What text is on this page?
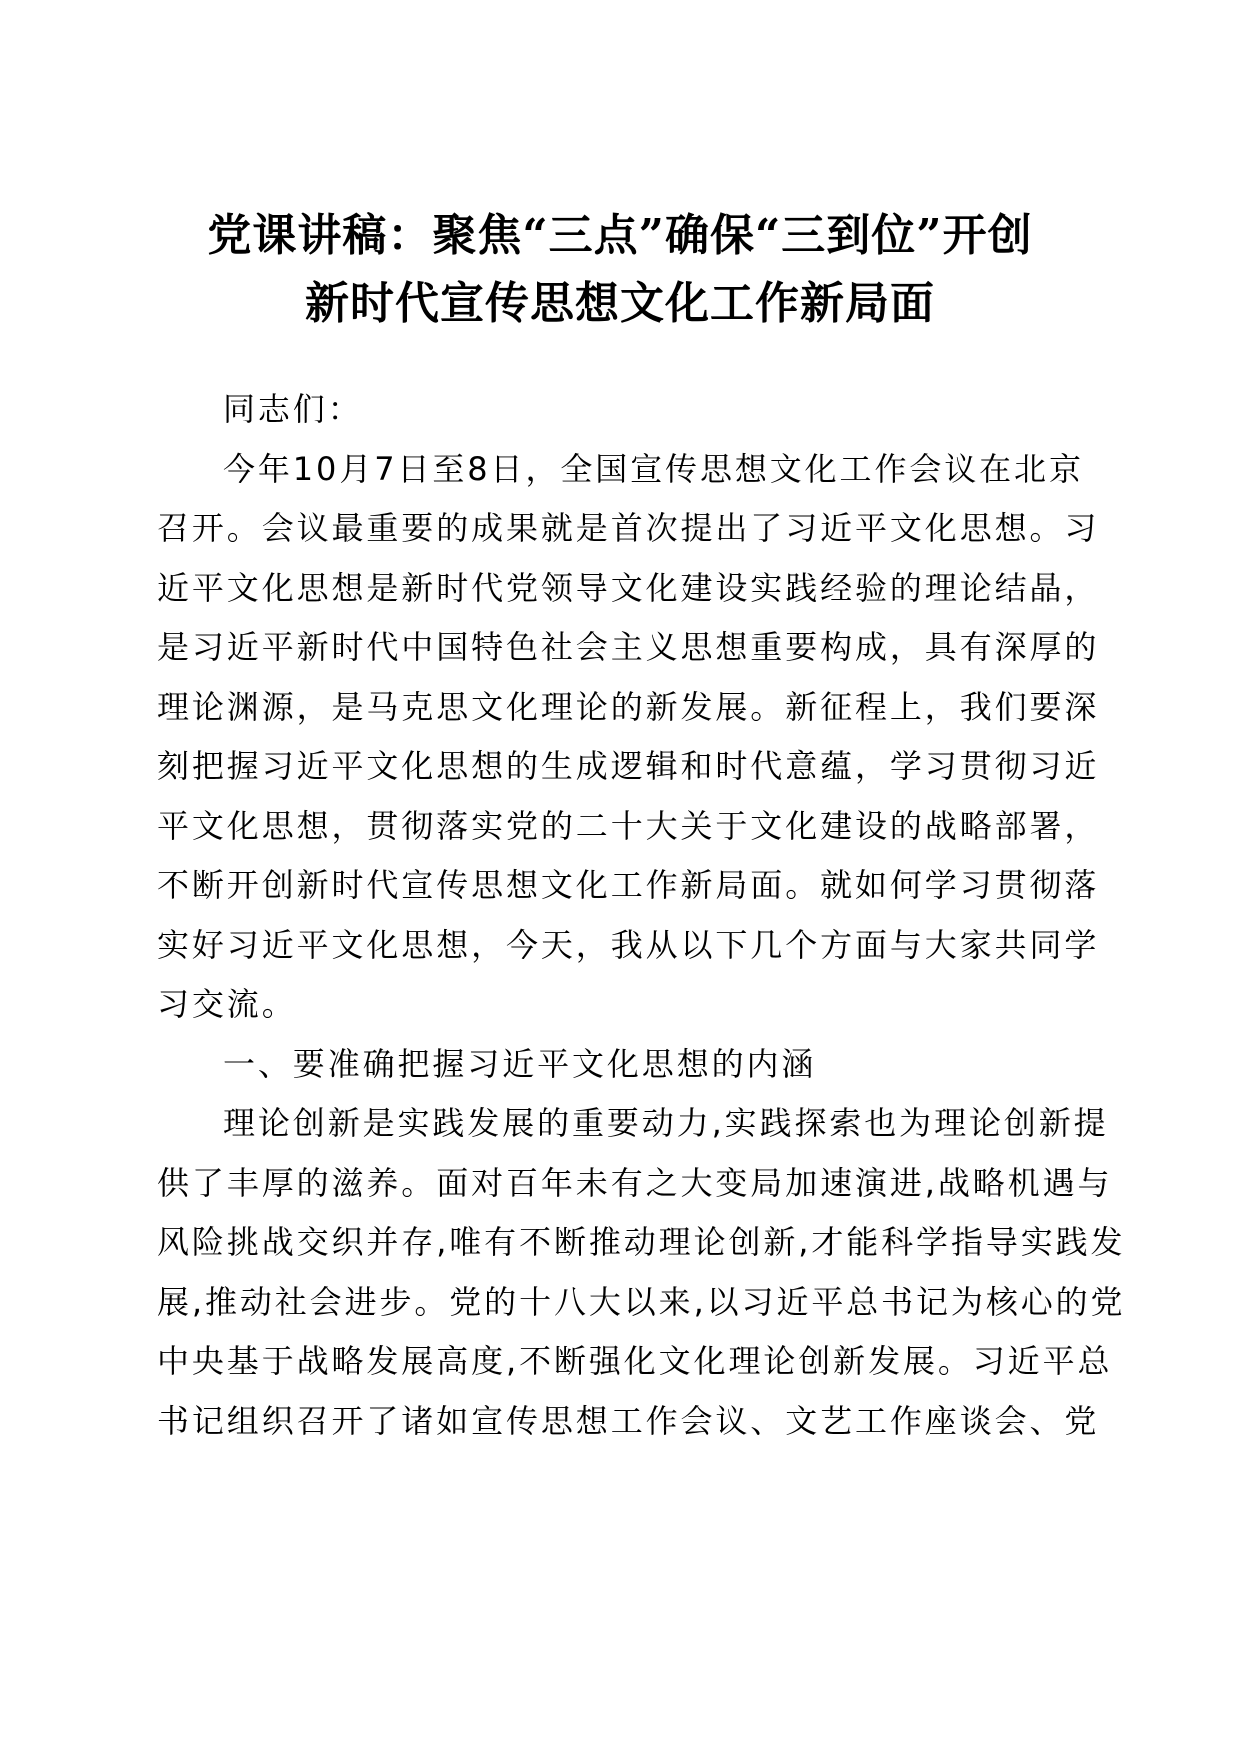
党课讲稿：聚焦“三点”确保“三到位”开创
新时代宣传思想文化工作新局面

同志们：

今年10月7日至8日，全国宣传思想文化工作会议在北京
召开。会议最重要的成果就是首次提出了习近平文化思想。习
近平文化思想是新时代党领导文化建设实践经验的理论结晶，
是习近平新时代中国特色社会主义思想重要构成，具有深厚的
理论渊源，是马克思文化理论的新发展。新征程上，我们要深
刻把握习近平文化思想的生成逻辑和时代意蕴，学习贯彻习近
平文化思想，贯彻落实党的二十大关于文化建设的战略部署，
不断开创新时代宣传思想文化工作新局面。就如何学习贯彻落
实好习近平文化思想，今天，我从以下几个方面与大家共同学
习交流。

一、要准确把握习近平文化思想的内涵

理论创新是实践发展的重要动力,实践探索也为理论创新提
供了丰厚的滋养。面对百年未有之大变局加速演进,战略机遇与
风险挑战交织并存,唯有不断推动理论创新,才能科学指导实践发
展,推动社会进步。党的十八大以来,以习近平总书记为核心的党
中央基于战略发展高度,不断强化文化理论创新发展。习近平总
书记组织召开了诸如宣传思想工作会议、文艺工作座谈会、党
